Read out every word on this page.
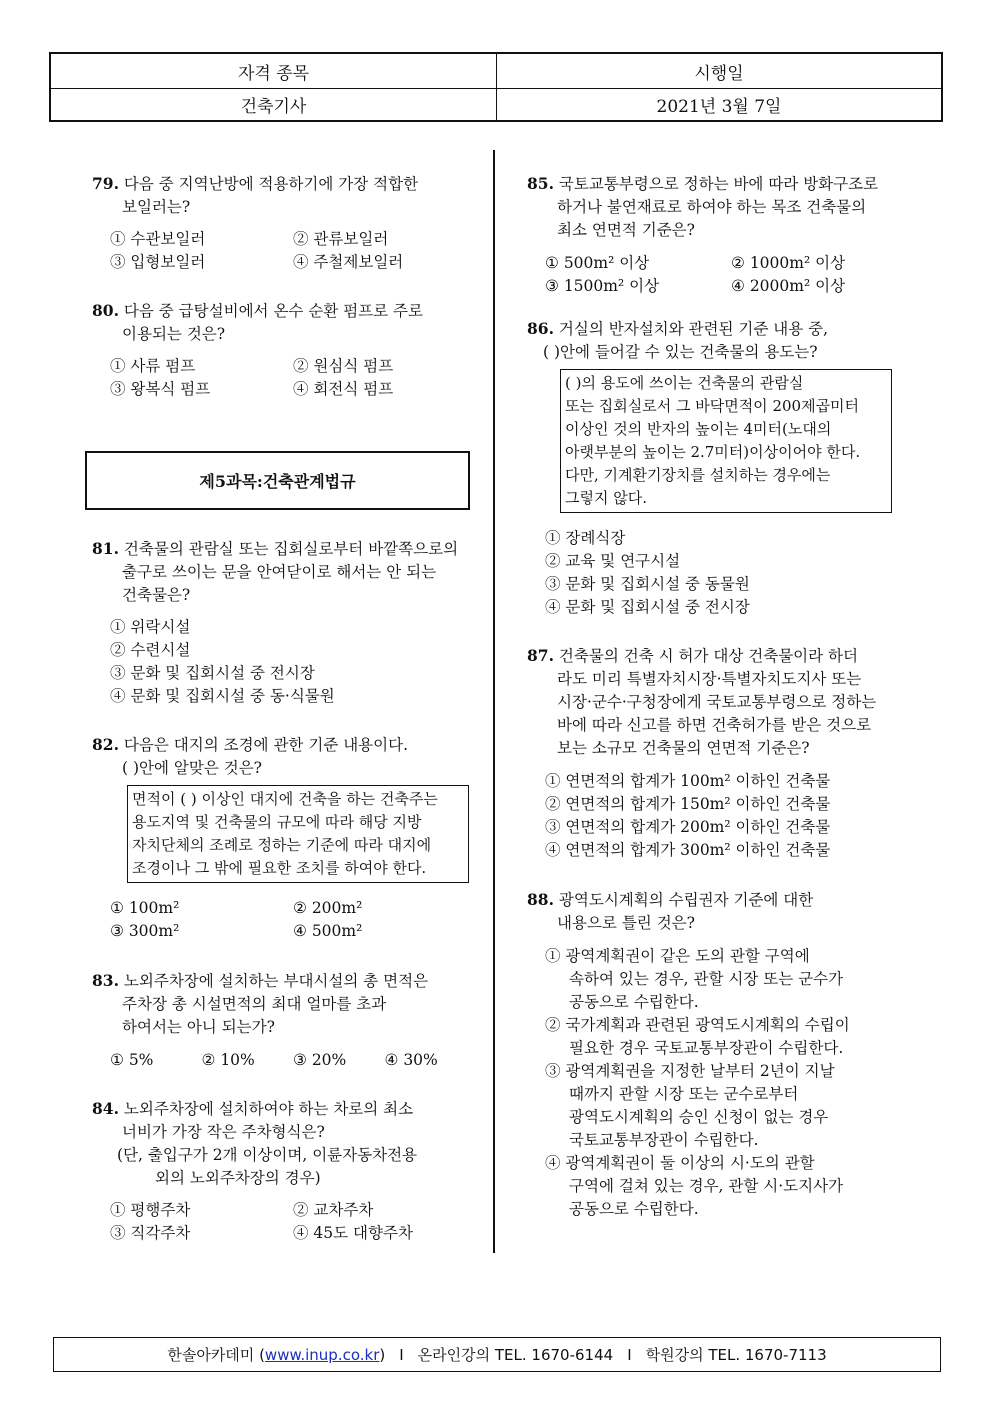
자격 종목	시행일
건축기사	2021년 3월 7일
79. 다음 중 지역난방에 적용하기에 가장 적합한
보일러는?
① 수관보일러	② 관류보일러
③ 입형보일러	④ 주철제보일러
80. 다음 중 급탕설비에서 온수 순환 펌프로 주로
이용되는 것은?
① 사류 펌프	② 원심식 펌프
③ 왕복식 펌프	④ 회전식 펌프
81. 건축물의 관람실 또는 집회실로부터 바깥쪽으로의
출구로 쓰이는 문을 안여닫이로 해서는 안 되는
건축물은?
① 위락시설
② 수련시설
③ 문화 및 집회시설 중 전시장
④ 문화 및 집회시설 중 동·식물원
82. 다음은 대지의 조경에 관한 기준 내용이다.
( )안에 알맞은 것은?
면적이 ( ) 이상인 대지에 건축을 하는 건축주는
용도지역 및 건축물의 규모에 따라 해당 지방
자치단체의 조례로 정하는 기준에 따라 대지에
조경이나 그 밖에 필요한 조치를 하여야 한다.
① 100m²	② 200m²
③ 300m²	④ 500m²
83. 노외주차장에 설치하는 부대시설의 총 면적은
주차장 총 시설면적의 최대 얼마를 초과
하여서는 아니 되는가?
① 5%	② 10%	③ 20%	④ 30%
84. 노외주차장에 설치하여야 하는 차로의 최소
너비가 가장 작은 주차형식은?
(단, 출입구가 2개 이상이며, 이륜자동차전용
외의 노외주차장의 경우)
① 평행주차	② 교차주차
③ 직각주차	④ 45도 대향주차
제5과목:건축관계법규
85. 국토교통부령으로 정하는 바에 따라 방화구조로
하거나 불연재료로 하여야 하는 목조 건축물의
최소 연면적 기준은?
① 500m² 이상	② 1000m² 이상
③ 1500m² 이상	④ 2000m² 이상
86. 거실의 반자설치와 관련된 기준 내용 중,
( )안에 들어갈 수 있는 건축물의 용도는?
( )의 용도에 쓰이는 건축물의 관람실
또는 집회실로서 그 바닥면적이 200제곱미터
이상인 것의 반자의 높이는 4미터(노대의
아랫부분의 높이는 2.7미터)이상이어야 한다.
다만, 기계환기장치를 설치하는 경우에는
그렇지 않다.
① 장례식장
② 교육 및 연구시설
③ 문화 및 집회시설 중 동물원
④ 문화 및 집회시설 중 전시장
87. 건축물의 건축 시 허가 대상 건축물이라 하더
라도 미리 특별자치시장·특별자치도지사 또는
시장·군수·구청장에게 국토교통부령으로 정하는
바에 따라 신고를 하면 건축허가를 받은 것으로
보는 소규모 건축물의 연면적 기준은?
① 연면적의 합계가 100m² 이하인 건축물
② 연면적의 합계가 150m² 이하인 건축물
③ 연면적의 합계가 200m² 이하인 건축물
④ 연면적의 합계가 300m² 이하인 건축물
88. 광역도시계획의 수립권자 기준에 대한
내용으로 틀린 것은?
① 광역계획권이 같은 도의 관할 구역에
속하여 있는 경우, 관할 시장 또는 군수가
공동으로 수립한다.
② 국가계획과 관련된 광역도시계획의 수립이
필요한 경우 국토교통부장관이 수립한다.
③ 광역계획권을 지정한 날부터 2년이 지날
때까지 관할 시장 또는 군수로부터
광역도시계획의 승인 신청이 없는 경우
국토교통부장관이 수립한다.
④ 광역계획권이 둘 이상의 시·도의 관할
구역에 걸쳐 있는 경우, 관할 시·도지사가
공동으로 수립한다.
한솔아카데미 ( www.inup.co.kr ) I 온라인강의 TEL. 1670-6144 I 학원강의 TEL. 1670-7113
